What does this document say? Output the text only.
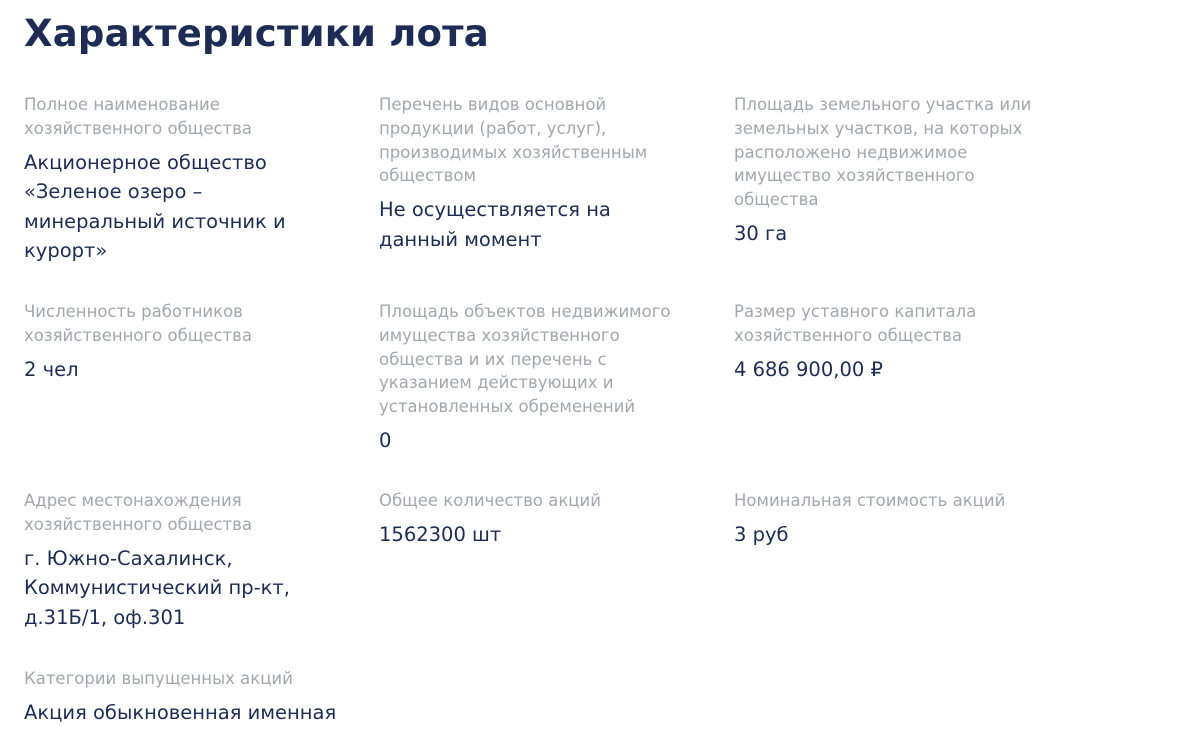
Характеристики лота
Полное наименование хозяйственного общества
Акционерное общество «Зеленое озеро – минеральный источник и курорт»
Перечень видов основной продукции (работ, услуг), производимых хозяйственным обществом
Не осуществляется на данный момент
Площадь земельного участка или земельных участков, на которых расположено недвижимое имущество хозяйственного общества
30 га
Численность работников хозяйственного общества
2 чел
Площадь объектов недвижимого имущества хозяйственного общества и их перечень с указанием действующих и установленных обременений
0
Размер уставного капитала хозяйственного общества
4 686 900,00 ₽
Адрес местонахождения хозяйственного общества
г. Южно-Сахалинск, Коммунистический пр-кт, д.31Б/1, оф.301
Общее количество акций
1562300 шт
Номинальная стоимость акций
3 руб
Категории выпущенных акций
Акция обыкновенная именная
